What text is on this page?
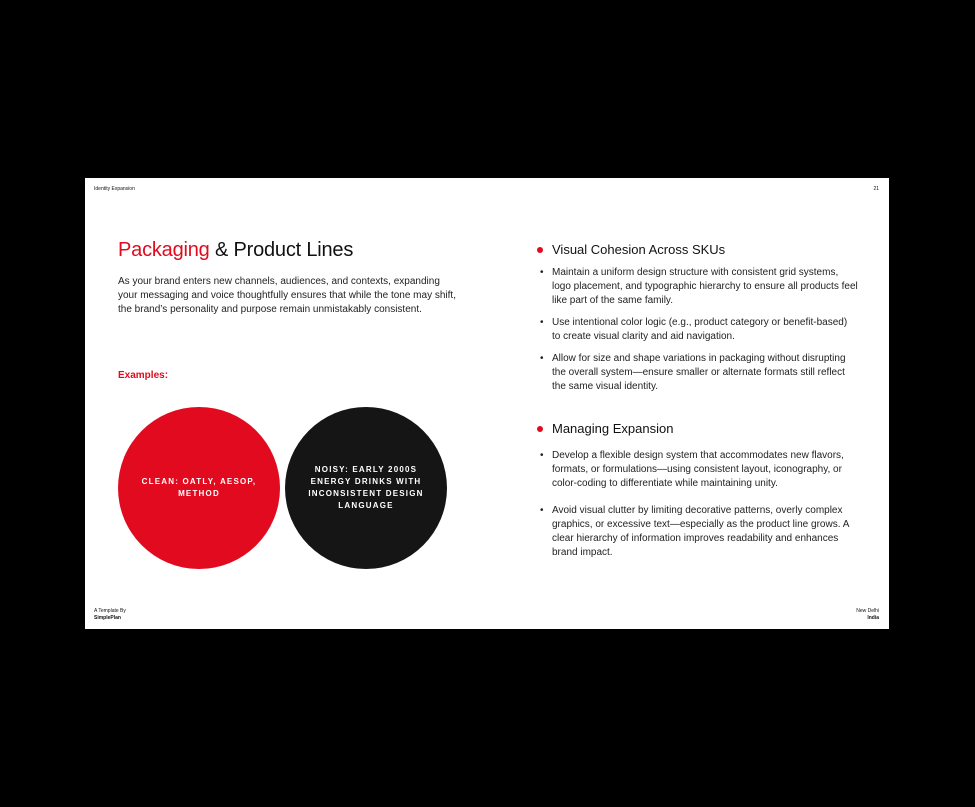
Identity Expansion	21
Packaging & Product Lines

As your brand enters new channels, audiences, and contexts, expanding your messaging and voice thoughtfully ensures that while the tone may shift, the brand’s personality and purpose remain unmistakably consistent.

Examples:

CLEAN: OATLY, AESOP, METHOD
NOISY: EARLY 2000S ENERGY DRINKS WITH INCONSISTENT DESIGN LANGUAGE
Visual Cohesion Across SKUs
• Maintain a uniform design structure with consistent grid systems, logo placement, and typographic hierarchy to ensure all products feel like part of the same family.
• Use intentional color logic (e.g., product category or benefit-based) to create visual clarity and aid navigation.
• Allow for size and shape variations in packaging without disrupting the overall system—ensure smaller or alternate formats still reflect the same visual identity.
Managing Expansion
• Develop a flexible design system that accommodates new flavors, formats, or formulations—using consistent layout, iconography, or color-coding to differentiate while maintaining unity.
• Avoid visual clutter by limiting decorative patterns, overly complex graphics, or excessive text—especially as the product line grows. A clear hierarchy of information improves readability and enhances brand impact.
A Template By
SimplePlan
New Delhi
India
